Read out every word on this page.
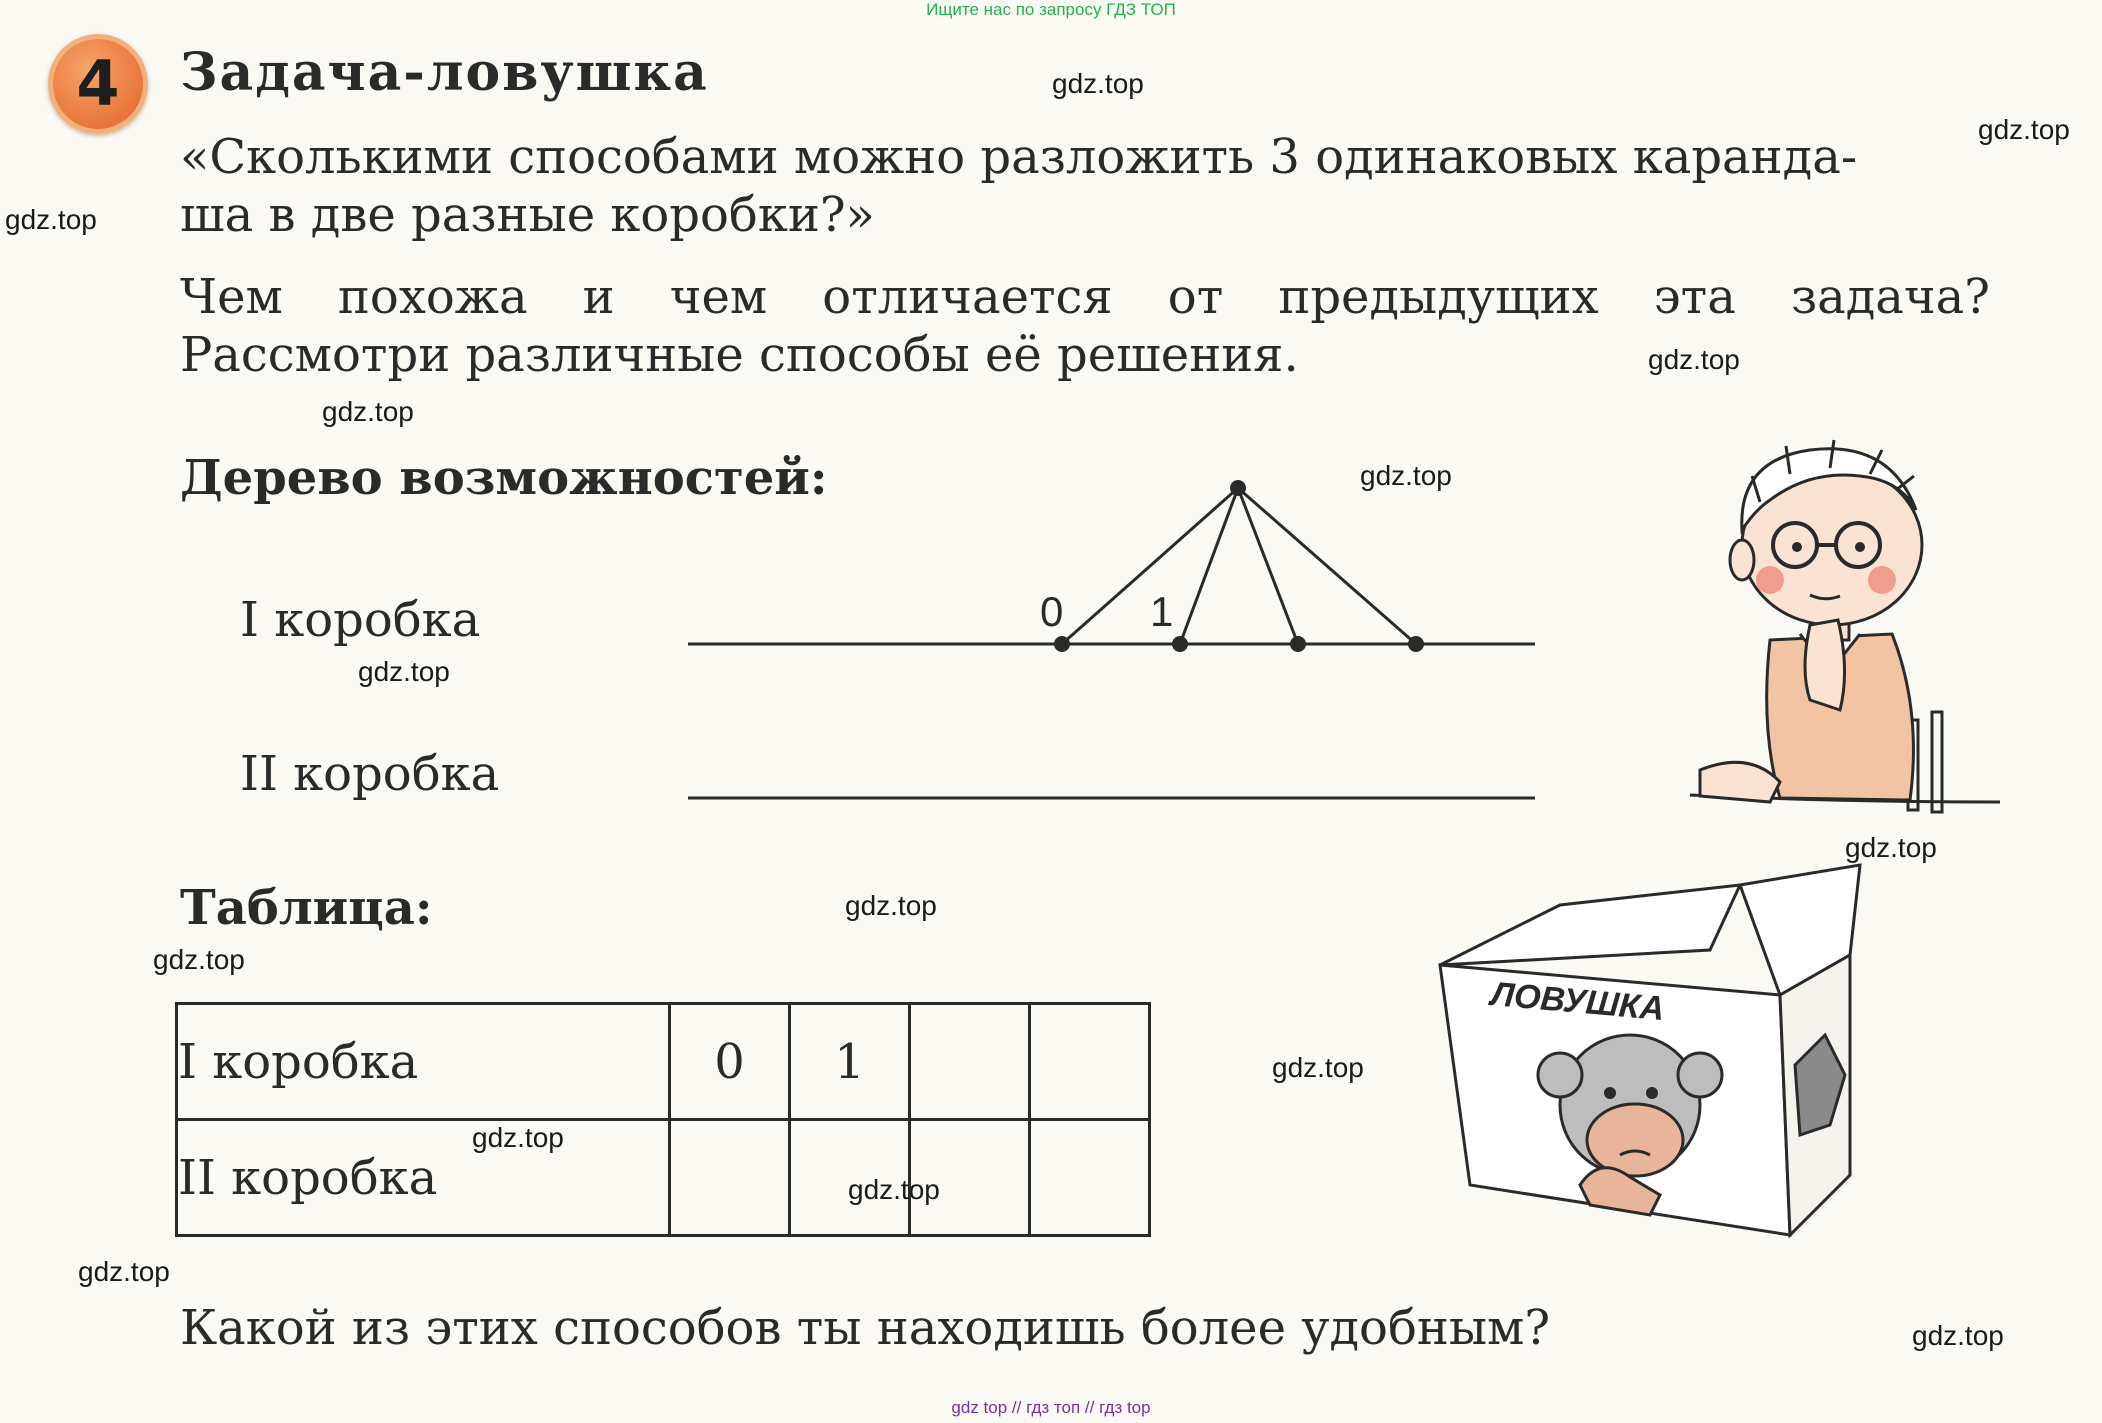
Ищите нас по запросу ГДЗ ТОП
gdz top // гдз топ // гдз top
4	Задача-ловушка
«Сколькими способами можно разложить 3 одинаковых каранда-
ша в две разные коробки?»
Чем похожа и чем отличается от предыдущих эта задача?
Рассмотри различные способы её решения.
Дерево возможностей:
I коробка
II коробка
0 1
Таблица:
I коробка	0	1		
II коробка				
Какой из этих способов ты находишь более удобным?
ЛОВУШКА
gdz.top
gdz.top
gdz.top
gdz.top
gdz.top
gdz.top
gdz.top
gdz.top
gdz.top
gdz.top
gdz.top
gdz.top
gdz.top
gdz.top
gdz.top
